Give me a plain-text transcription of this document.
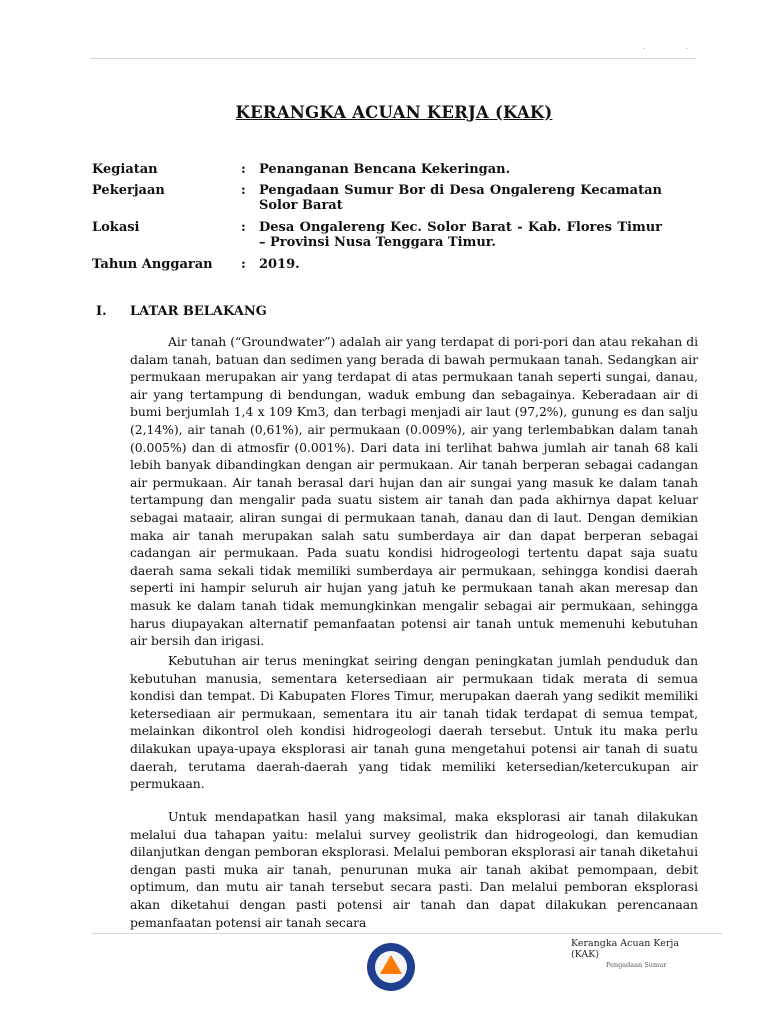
·	·
KERANGKA ACUAN KERJA (KAK)
Kegiatan	: Penanganan Bencana Kekeringan.
Pekerjaan	: Pengadaan Sumur Bor di Desa Ongalereng Kecamatan Solor Barat
Lokasi	: Desa Ongalereng Kec. Solor Barat - Kab. Flores Timur – Provinsi Nusa Tenggara Timur.
Tahun Anggaran : 2019.
I. LATAR BELAKANG

Air tanah (“Groundwater”) adalah air yang terdapat di pori-pori dan atau rekahan di dalam tanah, batuan dan sedimen yang berada di bawah permukaan tanah. Sedangkan air permukaan merupakan air yang terdapat di atas permukaan tanah seperti sungai, danau, air yang tertampung di bendungan, waduk embung dan sebagainya. Keberadaan air di bumi berjumlah 1,4 x 109 Km3, dan terbagi menjadi air laut (97,2%), gunung es dan salju (2,14%), air tanah (0,61%), air permukaan (0.009%), air yang terlembabkan dalam tanah (0.005%) dan di atmosfir (0.001%). Dari data ini terlihat bahwa jumlah air tanah 68 kali lebih banyak dibandingkan dengan air permukaan. Air tanah berperan sebagai cadangan air permukaan. Air tanah berasal dari hujan dan air sungai yang masuk ke dalam tanah tertampung dan mengalir pada suatu sistem air tanah dan pada akhirnya dapat keluar sebagai mataair, aliran sungai di permukaan tanah, danau dan di laut. Dengan demikian maka air tanah merupakan salah satu sumberdaya air dan dapat berperan sebagai cadangan air permukaan. Pada suatu kondisi hidrogeologi tertentu dapat saja suatu daerah sama sekali tidak memiliki sumberdaya air permukaan, sehingga kondisi daerah seperti ini hampir seluruh air hujan yang jatuh ke permukaan tanah akan meresap dan masuk ke dalam tanah tidak memungkinkan mengalir sebagai air permukaan, sehingga harus diupayakan alternatif pemanfaatan potensi air tanah untuk memenuhi kebutuhan air bersih dan irigasi.

Kebutuhan air terus meningkat seiring dengan peningkatan jumlah penduduk dan kebutuhan manusia, sementara ketersediaan air permukaan tidak merata di semua kondisi dan tempat. Di Kabupaten Flores Timur, merupakan daerah yang sedikit memiliki ketersediaan air permukaan, sementara itu air tanah tidak terdapat di semua tempat, melainkan dikontrol oleh kondisi hidrogeologi daerah tersebut. Untuk itu maka perlu dilakukan upaya-upaya eksplorasi air tanah guna mengetahui potensi air tanah di suatu daerah, terutama daerah-daerah yang tidak memiliki ketersedian/ketercukupan air permukaan.

Untuk mendapatkan hasil yang maksimal, maka eksplorasi air tanah dilakukan melalui dua tahapan yaitu: melalui survey geolistrik dan hidrogeologi, dan kemudian dilanjutkan dengan pemboran eksplorasi. Melalui pemboran eksplorasi air tanah diketahui dengan pasti muka air tanah, penurunan muka air tanah akibat pemompaan, debit optimum, dan mutu air tanah tersebut secara pasti. Dan melalui pemboran eksplorasi akan diketahui dengan pasti potensi air tanah dan dapat dilakukan perencanaan pemanfaatan potensi air tanah secara

Kerangka Acuan Kerja
(KAK)
Pengadaan Sumur
